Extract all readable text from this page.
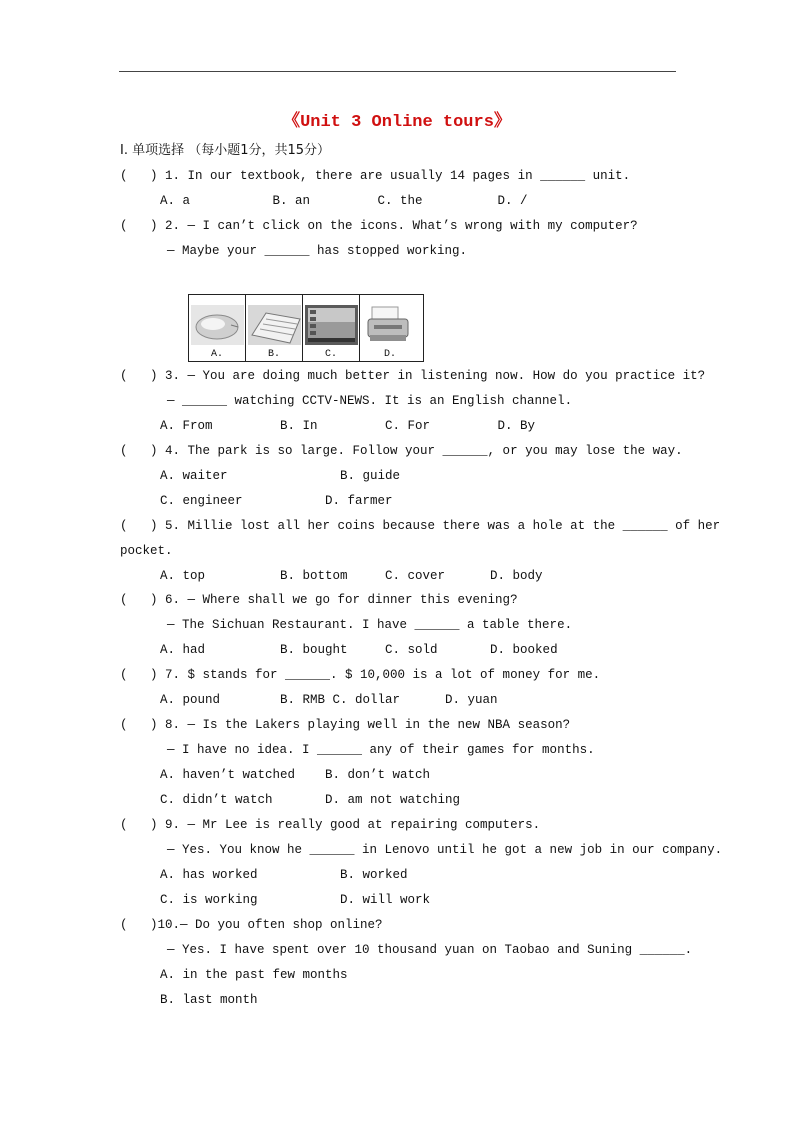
《Unit 3 Online tours》
Ⅰ. 单项选择 （每小题1分，共15分）
(   ) 1. In our textbook, there are usually 14 pages in ______ unit.
A. a           B. an         C. the          D. /
(   ) 2. — I can’t click on the icons. What’s wrong with my computer?
— Maybe your ______ has stopped working.
A.	B.	C.	D.
(   ) 3. — You are doing much better in listening now. How do you practice it?
— ______ watching CCTV-NEWS. It is an English channel.
A. From         B. In         C. For         D. By
(   ) 4. The park is so large. Follow your ______, or you may lose the way.
A. waiter               B. guide
C. engineer           D. farmer
(   ) 5. Millie lost all her coins because there was a hole at the ______ of her
pocket.
A. top          B. bottom     C. cover      D. body
(   ) 6. — Where shall we go for dinner this evening?
— The Sichuan Restaurant. I have ______ a table there.
A. had          B. bought     C. sold       D. booked
(   ) 7. $ stands for ______. $ 10,000 is a lot of money for me.
A. pound        B. RMB C. dollar      D. yuan
(   ) 8. — Is the Lakers playing well in the new NBA season?
— I have no idea. I ______ any of their games for months.
A. haven’t watched    B. don’t watch
C. didn’t watch       D. am not watching
(   ) 9. — Mr Lee is really good at repairing computers.
— Yes. You know he ______ in Lenovo until he got a new job in our company.
A. has worked           B. worked
C. is working           D. will work
(   )10.— Do you often shop online?
— Yes. I have spent over 10 thousand yuan on Taobao and Suning ______.
A. in the past few months
B. last month
